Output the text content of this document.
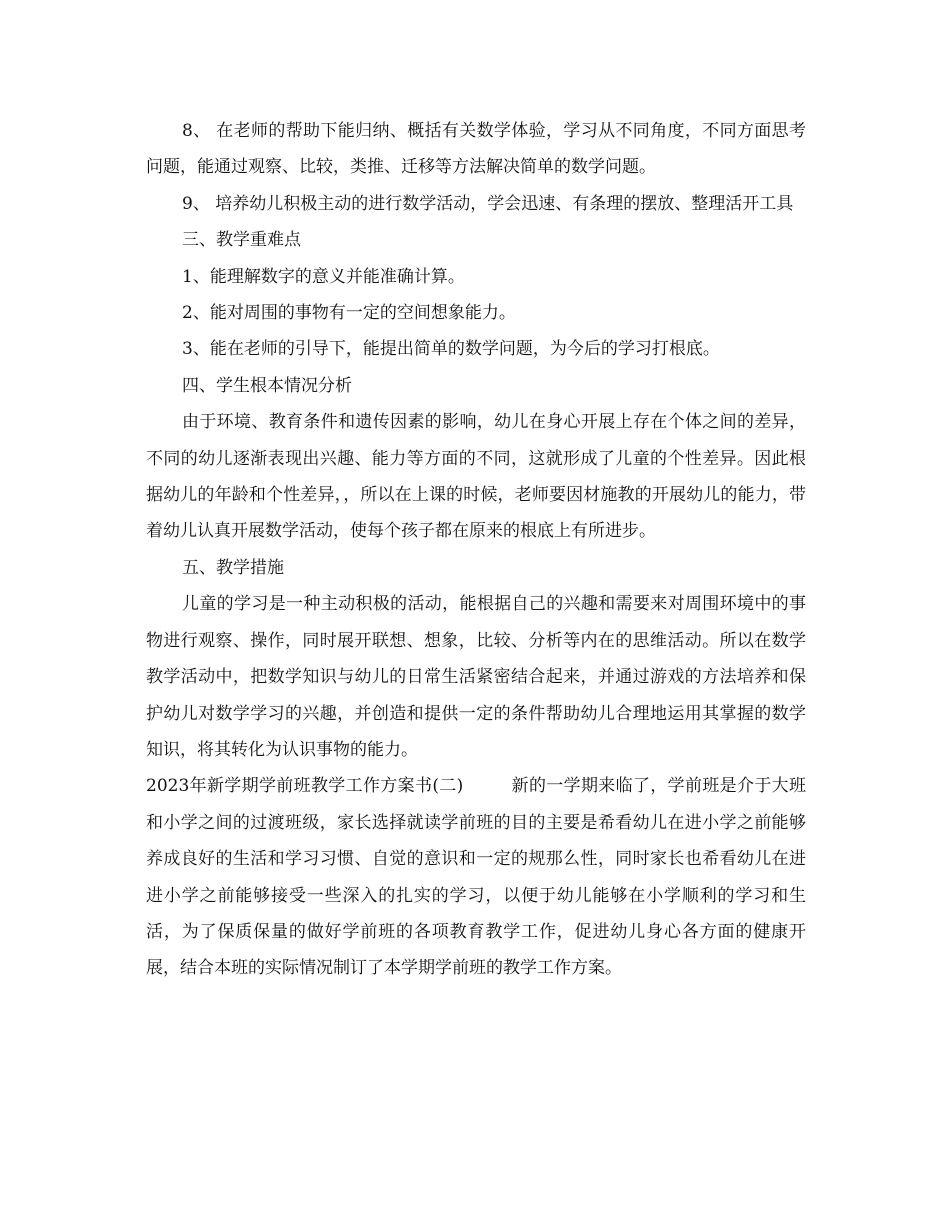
8、 在老师的帮助下能归纳、概括有关数学体验，学习从不同角度，不同方面思考问题，能通过观察、比较，类推、迁移等方法解决简单的数学问题。

9、 培养幼儿积极主动的进行数学活动，学会迅速、有条理的摆放、整理活开工具

三、教学重难点

1、能理解数字的意义并能准确计算。

2、能对周围的事物有一定的空间想象能力。

3、能在老师的引导下，能提出简单的数学问题，为今后的学习打根底。

四、学生根本情况分析

由于环境、教育条件和遗传因素的影响，幼儿在身心开展上存在个体之间的差异，不同的幼儿逐渐表现出兴趣、能力等方面的不同，这就形成了儿童的个性差异。因此根据幼儿的年龄和个性差异，，所以在上课的时候，老师要因材施教的开展幼儿的能力，带着幼儿认真开展数学活动，使每个孩子都在原来的根底上有所进步。

五、教学措施

儿童的学习是一种主动积极的活动，能根据自己的兴趣和需要来对周围环境中的事物进行观察、操作，同时展开联想、想象，比较、分析等内在的思维活动。所以在数学教学活动中，把数学知识与幼儿的日常生活紧密结合起来，并通过游戏的方法培养和保护幼儿对数学学习的兴趣，并创造和提供一定的条件帮助幼儿合理地运用其掌握的数学知识，将其转化为认识事物的能力。

2023年新学期学前班教学工作方案书(二)	新的一学期来临了，学前班是介于大班和小学之间的过渡班级，家长选择就读学前班的目的主要是希看幼儿在进小学之前能够养成良好的生活和学习习惯、自觉的意识和一定的规那么性，同时家长也希看幼儿在进进小学之前能够接受一些深入的扎实的学习，以便于幼儿能够在小学顺利的学习和生活，为了保质保量的做好学前班的各项教育教学工作，促进幼儿身心各方面的健康开展，结合本班的实际情况制订了本学期学前班的教学工作方案。
